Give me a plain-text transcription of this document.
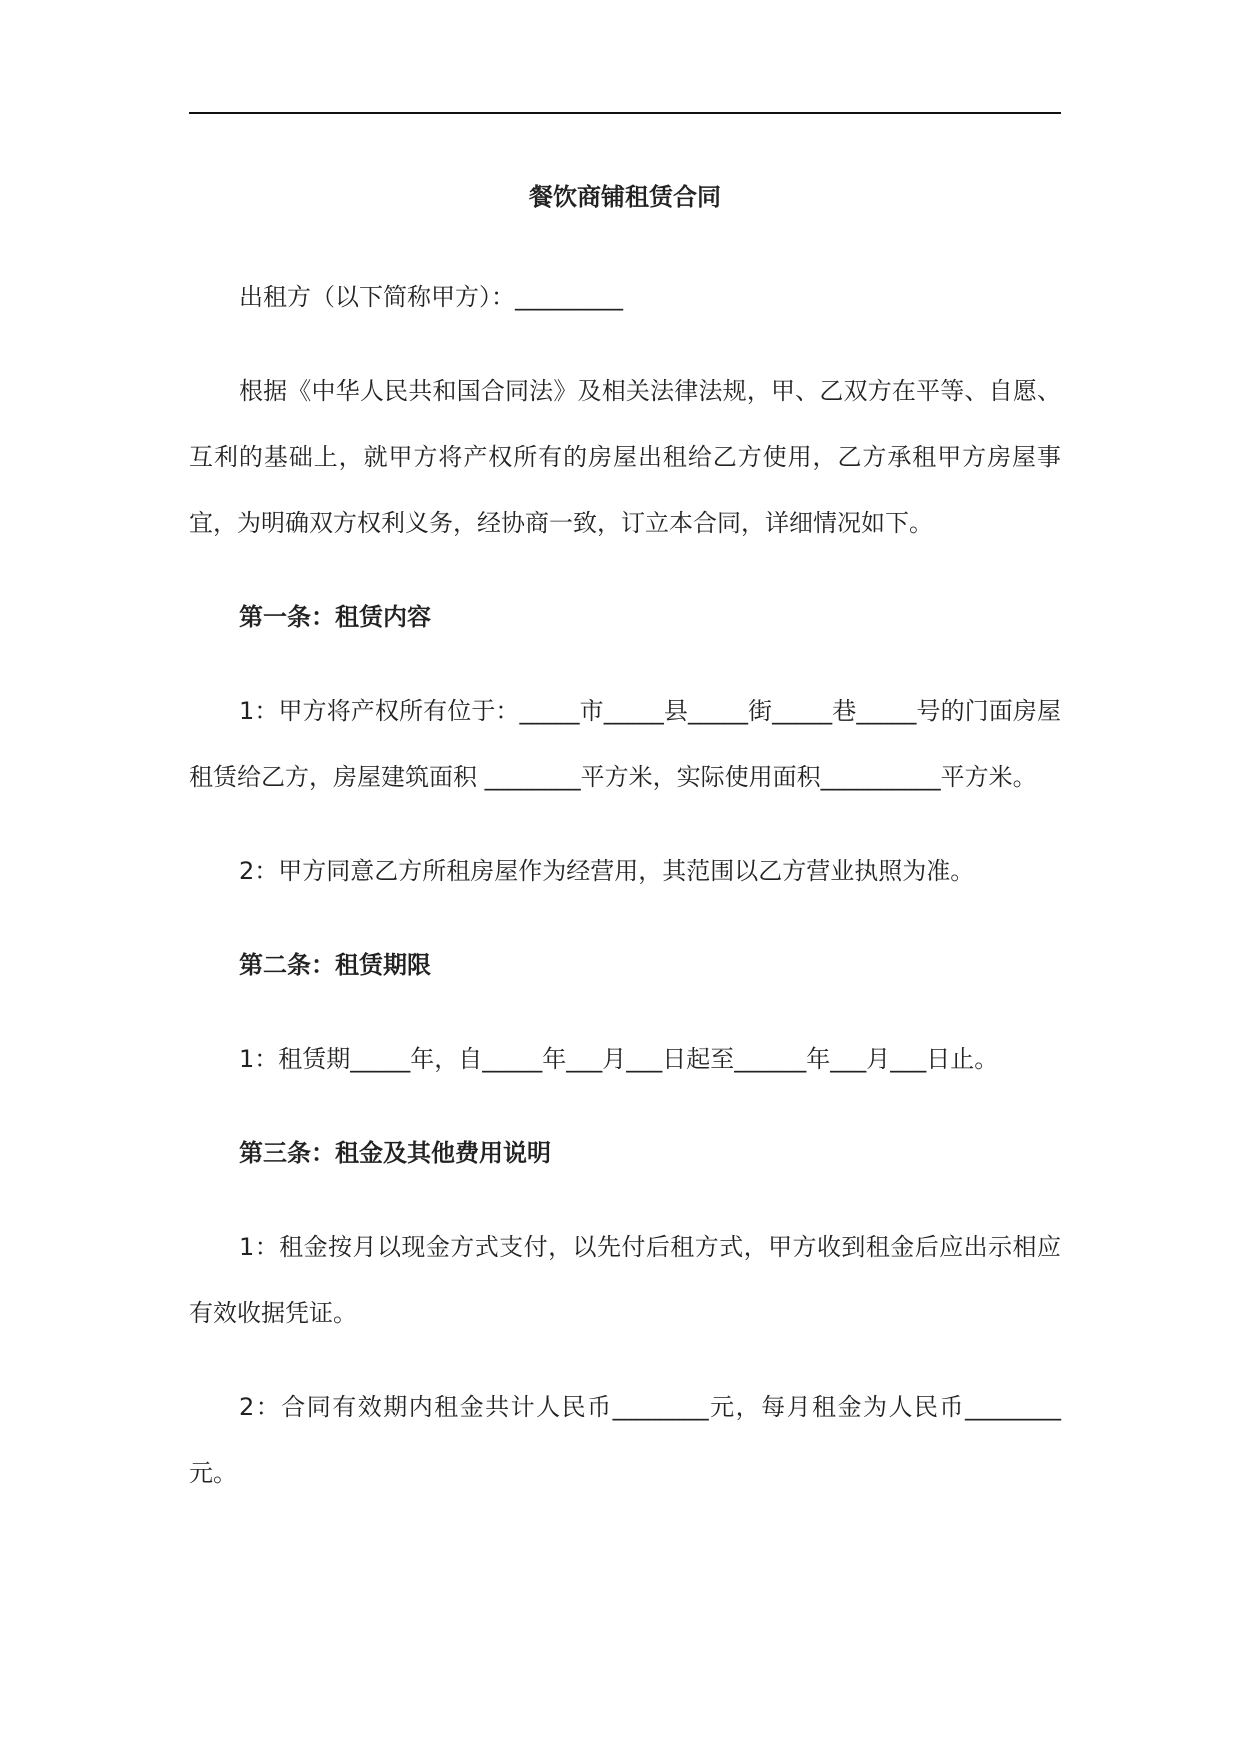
餐饮商铺租赁合同

出租方（以下简称甲方）：_________

根据《中华人民共和国合同法》及相关法律法规，甲、乙双方在平等、自愿、互利的基础上，就甲方将产权所有的房屋出租给乙方使用，乙方承租甲方房屋事宜，为明确双方权利义务，经协商一致，订立本合同，详细情况如下。

第一条：租赁内容

1：甲方将产权所有位于：_____市_____县_____街_____巷_____号的门面房屋租赁给乙方，房屋建筑面积 ________平方米，实际使用面积__________平方米。

2：甲方同意乙方所租房屋作为经营用，其范围以乙方营业执照为准。

第二条：租赁期限

1：租赁期_____年，自_____年___月___日起至______年___月___日止。

第三条：租金及其他费用说明

1：租金按月以现金方式支付，以先付后租方式，甲方收到租金后应出示相应有效收据凭证。

2：合同有效期内租金共计人民币________元，每月租金为人民币________元。
